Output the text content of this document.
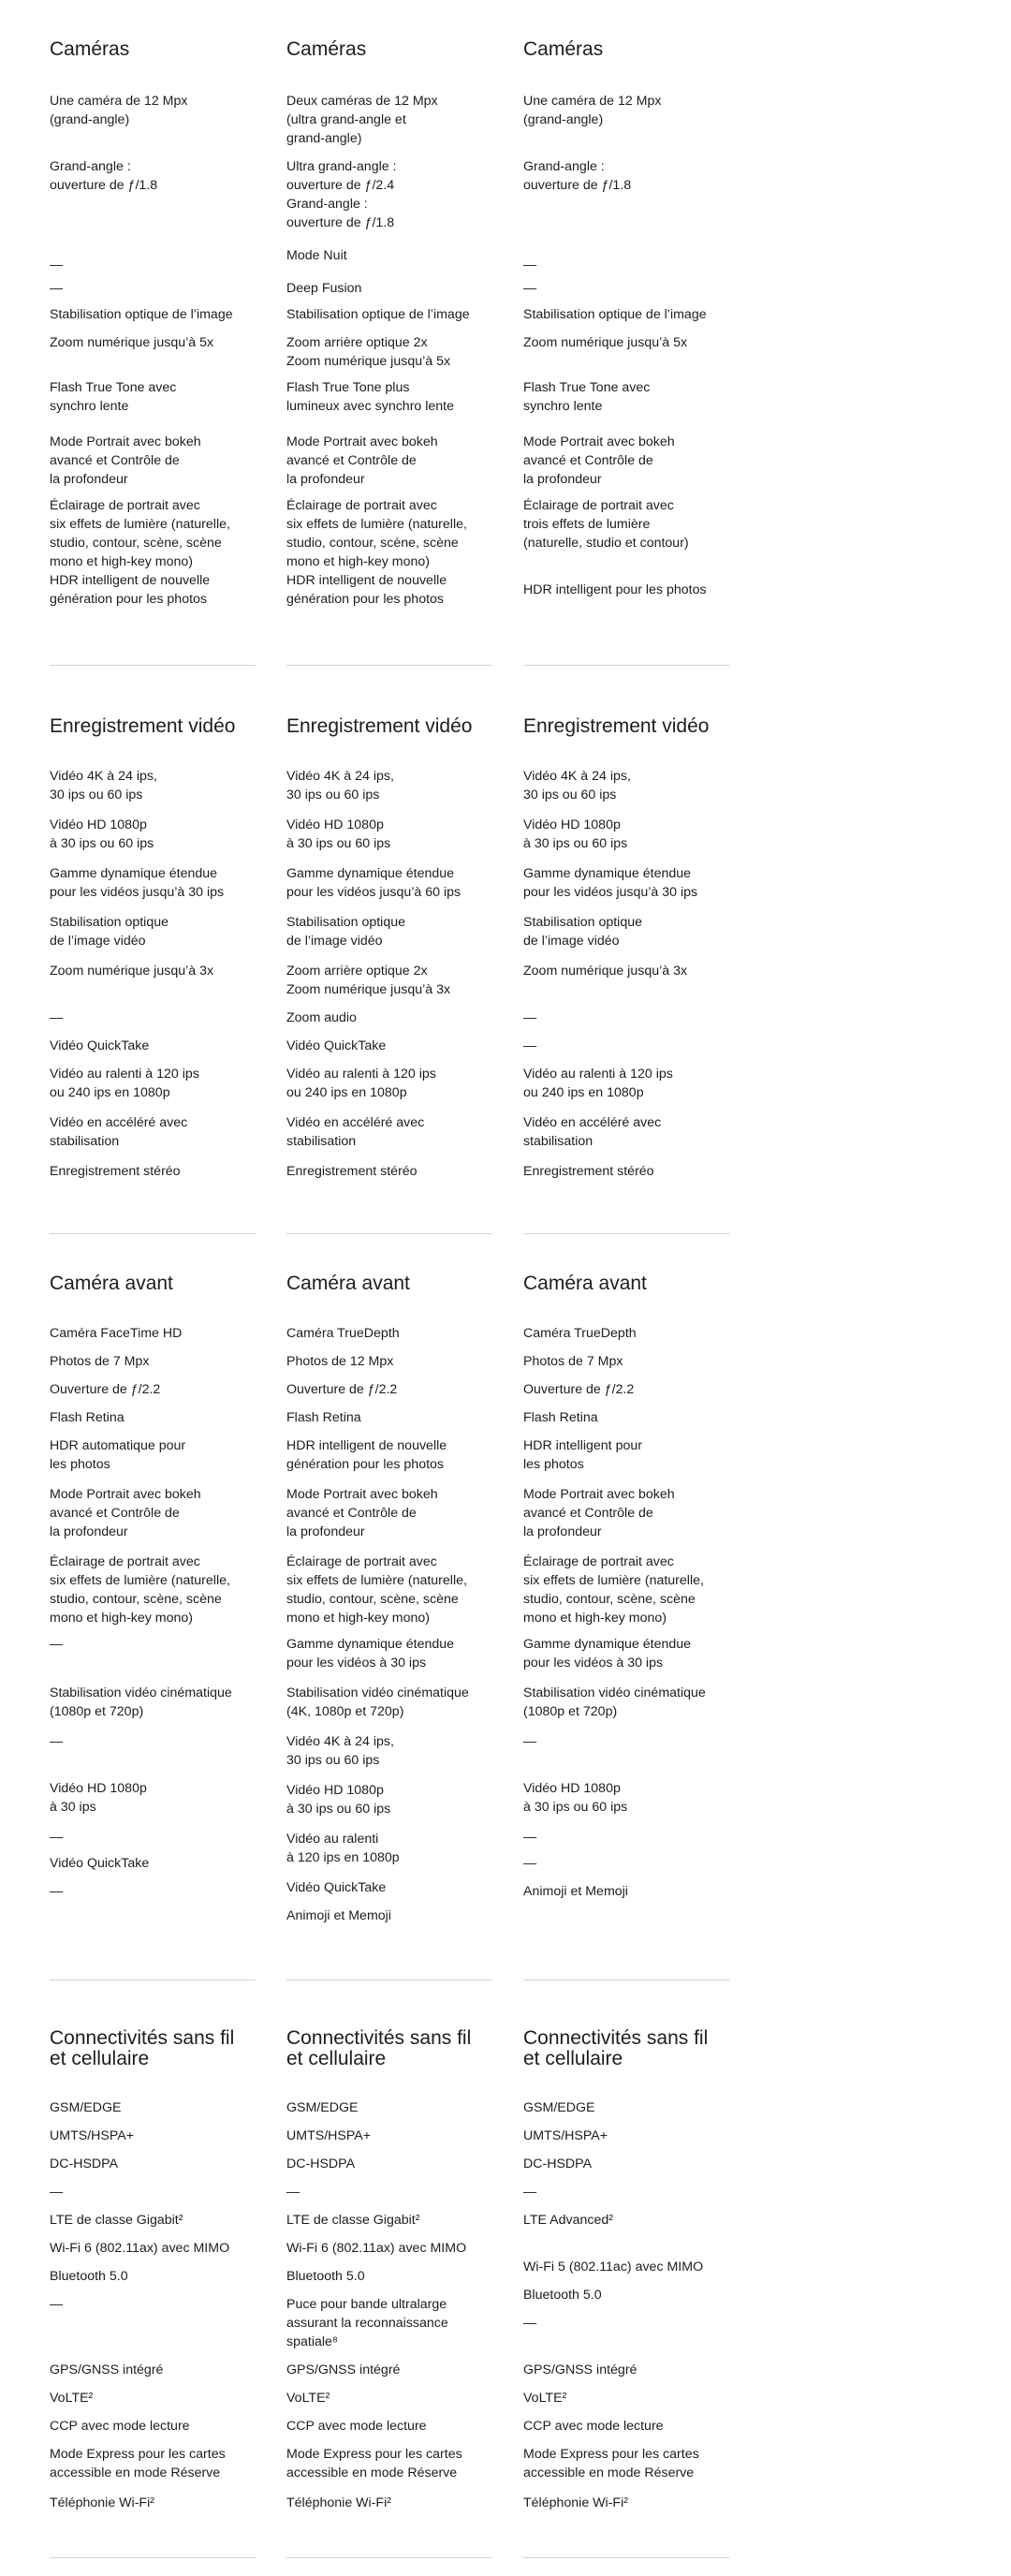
Caméras
Une caméra de 12 Mpx
(grand-angle)
Grand-angle :
ouverture de ƒ/1.8
—
—
Stabilisation optique de l’image
Zoom numérique jusqu’à 5x
Flash True Tone avec
synchro lente
Mode Portrait avec bokeh
avancé et Contrôle de
la profondeur
Éclairage de portrait avec
six effets de lumière (naturelle,
studio, contour, scène, scène
mono et high-key mono)
HDR intelligent de nouvelle
génération pour les photos
Caméras
Deux caméras de 12 Mpx
(ultra grand-angle et
grand-angle)
Ultra grand-angle :
ouverture de ƒ/2.4
Grand-angle :
ouverture de ƒ/1.8
Mode Nuit
Deep Fusion
Stabilisation optique de l’image
Zoom arrière optique 2x
Zoom numérique jusqu’à 5x
Flash True Tone plus
lumineux avec synchro lente
Mode Portrait avec bokeh
avancé et Contrôle de
la profondeur
Éclairage de portrait avec
six effets de lumière (naturelle,
studio, contour, scène, scène
mono et high-key mono)
HDR intelligent de nouvelle
génération pour les photos
Caméras
Une caméra de 12 Mpx
(grand-angle)
Grand-angle :
ouverture de ƒ/1.8
—
—
Stabilisation optique de l’image
Zoom numérique jusqu’à 5x
Flash True Tone avec
synchro lente
Mode Portrait avec bokeh
avancé et Contrôle de
la profondeur
Éclairage de portrait avec
trois effets de lumière
(naturelle, studio et contour)
HDR intelligent pour les photos
Enregistrement vidéo
Vidéo 4K à 24 ips,
30 ips ou 60 ips
Vidéo HD 1080p
à 30 ips ou 60 ips
Gamme dynamique étendue
pour les vidéos jusqu’à 30 ips
Stabilisation optique
de l’image vidéo
Zoom numérique jusqu’à 3x
—
Vidéo QuickTake
Vidéo au ralenti à 120 ips
ou 240 ips en 1080p
Vidéo en accéléré avec
stabilisation
Enregistrement stéréo
Enregistrement vidéo
Vidéo 4K à 24 ips,
30 ips ou 60 ips
Vidéo HD 1080p
à 30 ips ou 60 ips
Gamme dynamique étendue
pour les vidéos jusqu’à 60 ips
Stabilisation optique
de l’image vidéo
Zoom arrière optique 2x
Zoom numérique jusqu’à 3x
Zoom audio
Vidéo QuickTake
Vidéo au ralenti à 120 ips
ou 240 ips en 1080p
Vidéo en accéléré avec
stabilisation
Enregistrement stéréo
Enregistrement vidéo
Vidéo 4K à 24 ips,
30 ips ou 60 ips
Vidéo HD 1080p
à 30 ips ou 60 ips
Gamme dynamique étendue
pour les vidéos jusqu’à 30 ips
Stabilisation optique
de l’image vidéo
Zoom numérique jusqu’à 3x
—
—
Vidéo au ralenti à 120 ips
ou 240 ips en 1080p
Vidéo en accéléré avec
stabilisation
Enregistrement stéréo
Caméra avant
Caméra FaceTime HD
Photos de 7 Mpx
Ouverture de ƒ/2.2
Flash Retina
HDR automatique pour
les photos
Mode Portrait avec bokeh
avancé et Contrôle de
la profondeur
Éclairage de portrait avec
six effets de lumière (naturelle,
studio, contour, scène, scène
mono et high-key mono)
—
Stabilisation vidéo cinématique
(1080p et 720p)
—
Vidéo HD 1080p
à 30 ips
—
Vidéo QuickTake
—
Caméra avant
Caméra TrueDepth
Photos de 12 Mpx
Ouverture de ƒ/2.2
Flash Retina
HDR intelligent de nouvelle
génération pour les photos
Mode Portrait avec bokeh
avancé et Contrôle de
la profondeur
Éclairage de portrait avec
six effets de lumière (naturelle,
studio, contour, scène, scène
mono et high-key mono)
Gamme dynamique étendue
pour les vidéos à 30 ips
Stabilisation vidéo cinématique
(4K, 1080p et 720p)
Vidéo 4K à 24 ips,
30 ips ou 60 ips
Vidéo HD 1080p
à 30 ips ou 60 ips
Vidéo au ralenti
à 120 ips en 1080p
Vidéo QuickTake
Animoji et Memoji
Caméra avant
Caméra TrueDepth
Photos de 7 Mpx
Ouverture de ƒ/2.2
Flash Retina
HDR intelligent pour
les photos
Mode Portrait avec bokeh
avancé et Contrôle de
la profondeur
Éclairage de portrait avec
six effets de lumière (naturelle,
studio, contour, scène, scène
mono et high-key mono)
Gamme dynamique étendue
pour les vidéos à 30 ips
Stabilisation vidéo cinématique
(1080p et 720p)
—
Vidéo HD 1080p
à 30 ips ou 60 ips
—
—
Animoji et Memoji
Connectivités sans fil
et cellulaire
GSM/EDGE
UMTS/HSPA+
DC-HSDPA
—
LTE de classe Gigabit²
Wi-Fi 6 (802.11ax) avec MIMO
Bluetooth 5.0
—
GPS/GNSS intégré
VoLTE²
CCP avec mode lecture
Mode Express pour les cartes
accessible en mode Réserve
Téléphonie Wi-Fi²
Connectivités sans fil
et cellulaire
GSM/EDGE
UMTS/HSPA+
DC-HSDPA
—
LTE de classe Gigabit²
Wi-Fi 6 (802.11ax) avec MIMO
Bluetooth 5.0
Puce pour bande ultralarge
assurant la reconnaissance
spatiale⁸
GPS/GNSS intégré
VoLTE²
CCP avec mode lecture
Mode Express pour les cartes
accessible en mode Réserve
Téléphonie Wi-Fi²
Connectivités sans fil
et cellulaire
GSM/EDGE
UMTS/HSPA+
DC-HSDPA
—
LTE Advanced²
Wi-Fi 5 (802.11ac) avec MIMO
Bluetooth 5.0
—
GPS/GNSS intégré
VoLTE²
CCP avec mode lecture
Mode Express pour les cartes
accessible en mode Réserve
Téléphonie Wi-Fi²
